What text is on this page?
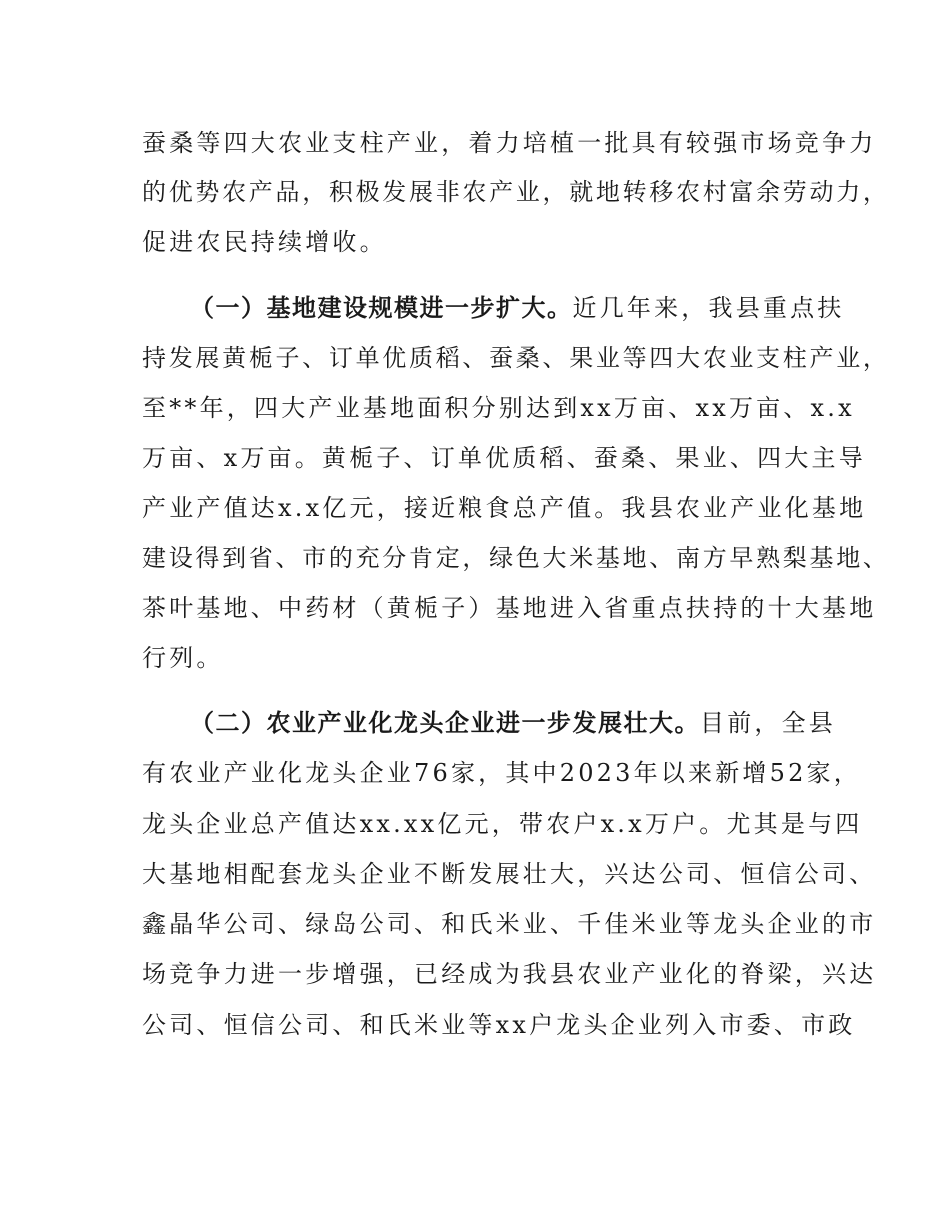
蚕桑等四大农业支柱产业，着力培植一批具有较强市场竞争力
的优势农产品，积极发展非农产业，就地转移农村富余劳动力，
促进农民持续增收。
（一）基地建设规模进一步扩大。近几年来，我县重点扶
持发展黄栀子、订单优质稻、蚕桑、果业等四大农业支柱产业，
至**年，四大产业基地面积分别达到xx万亩、xx万亩、x.x
万亩、x万亩。黄栀子、订单优质稻、蚕桑、果业、四大主导
产业产值达x.x亿元，接近粮食总产值。我县农业产业化基地
建设得到省、市的充分肯定，绿色大米基地、南方早熟梨基地、
茶叶基地、中药材（黄栀子）基地进入省重点扶持的十大基地
行列。
（二）农业产业化龙头企业进一步发展壮大。目前，全县
有农业产业化龙头企业76家，其中2023年以来新增52家，
龙头企业总产值达xx.xx亿元，带农户x.x万户。尤其是与四
大基地相配套龙头企业不断发展壮大，兴达公司、恒信公司、
鑫晶华公司、绿岛公司、和氏米业、千佳米业等龙头企业的市
场竞争力进一步增强，已经成为我县农业产业化的脊梁，兴达
公司、恒信公司、和氏米业等xx户龙头企业列入市委、市政
